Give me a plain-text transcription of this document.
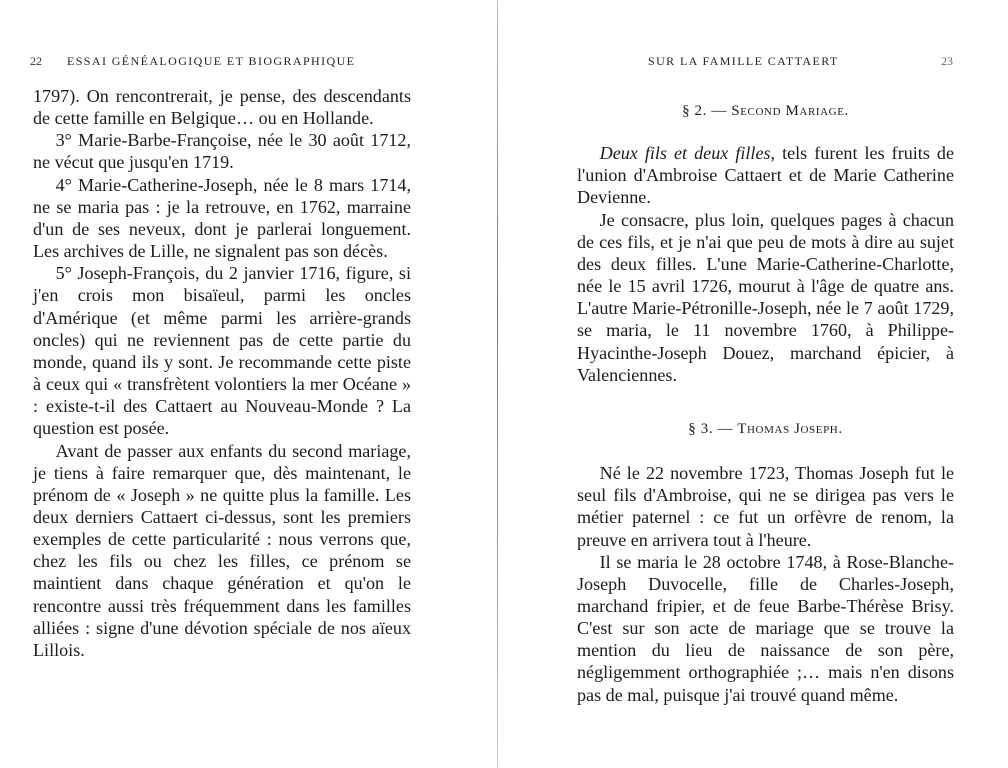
22 ESSAI GÉNÉALOGIQUE ET BIOGRAPHIQUE

1797). On rencontrerait, je pense, des descendants de cette famille en Belgique… ou en Hollande.

3° Marie-Barbe-Françoise, née le 30 août 1712, ne vécut que jusqu'en 1719.

4° Marie-Catherine-Joseph, née le 8 mars 1714, ne se maria pas : je la retrouve, en 1762, marraine d'un de ses neveux, dont je parlerai longuement. Les archives de Lille, ne signalent pas son décès.

5° Joseph-François, du 2 janvier 1716, figure, si j'en crois mon bisaïeul, parmi les oncles d'Amérique (et même parmi les arrière-grands oncles) qui ne reviennent pas de cette partie du monde, quand ils y sont. Je recommande cette piste à ceux qui « transfrètent volontiers la mer Océane » : existe-t-il des Cattaert au Nouveau-Monde ? La question est posée.

Avant de passer aux enfants du second mariage, je tiens à faire remarquer que, dès maintenant, le prénom de « Joseph » ne quitte plus la famille. Les deux derniers Cattaert ci-dessus, sont les premiers exemples de cette particularité : nous verrons que, chez les fils ou chez les filles, ce prénom se maintient dans chaque génération et qu'on le rencontre aussi très fréquemment dans les familles alliées : signe d'une dévotion spéciale de nos aïeux Lillois.

SUR LA FAMILLE CATTAERT	23
§ 2. — Second Mariage.

Deux fils et deux filles, tels furent les fruits de l'union d'Ambroise Cattaert et de Marie Catherine Devienne.

Je consacre, plus loin, quelques pages à chacun de ces fils, et je n'ai que peu de mots à dire au sujet des deux filles. L'une Marie-Catherine-Charlotte, née le 15 avril 1726, mourut à l'âge de quatre ans. L'autre Marie-Pétronille-Joseph, née le 7 août 1729, se maria, le 11 novembre 1760, à Philippe-Hyacinthe-Joseph Douez, marchand épicier, à Valenciennes.

§ 3. — Thomas Joseph.

Né le 22 novembre 1723, Thomas Joseph fut le seul fils d'Ambroise, qui ne se dirigea pas vers le métier paternel : ce fut un orfèvre de renom, la preuve en arrivera tout à l'heure.

Il se maria le 28 octobre 1748, à Rose-Blanche-Joseph Duvocelle, fille de Charles-Joseph, marchand fripier, et de feue Barbe-Thérèse Brisy. C'est sur son acte de mariage que se trouve la mention du lieu de naissance de son père, négligemment orthographiée ;… mais n'en disons pas de mal, puisque j'ai trouvé quand même.
